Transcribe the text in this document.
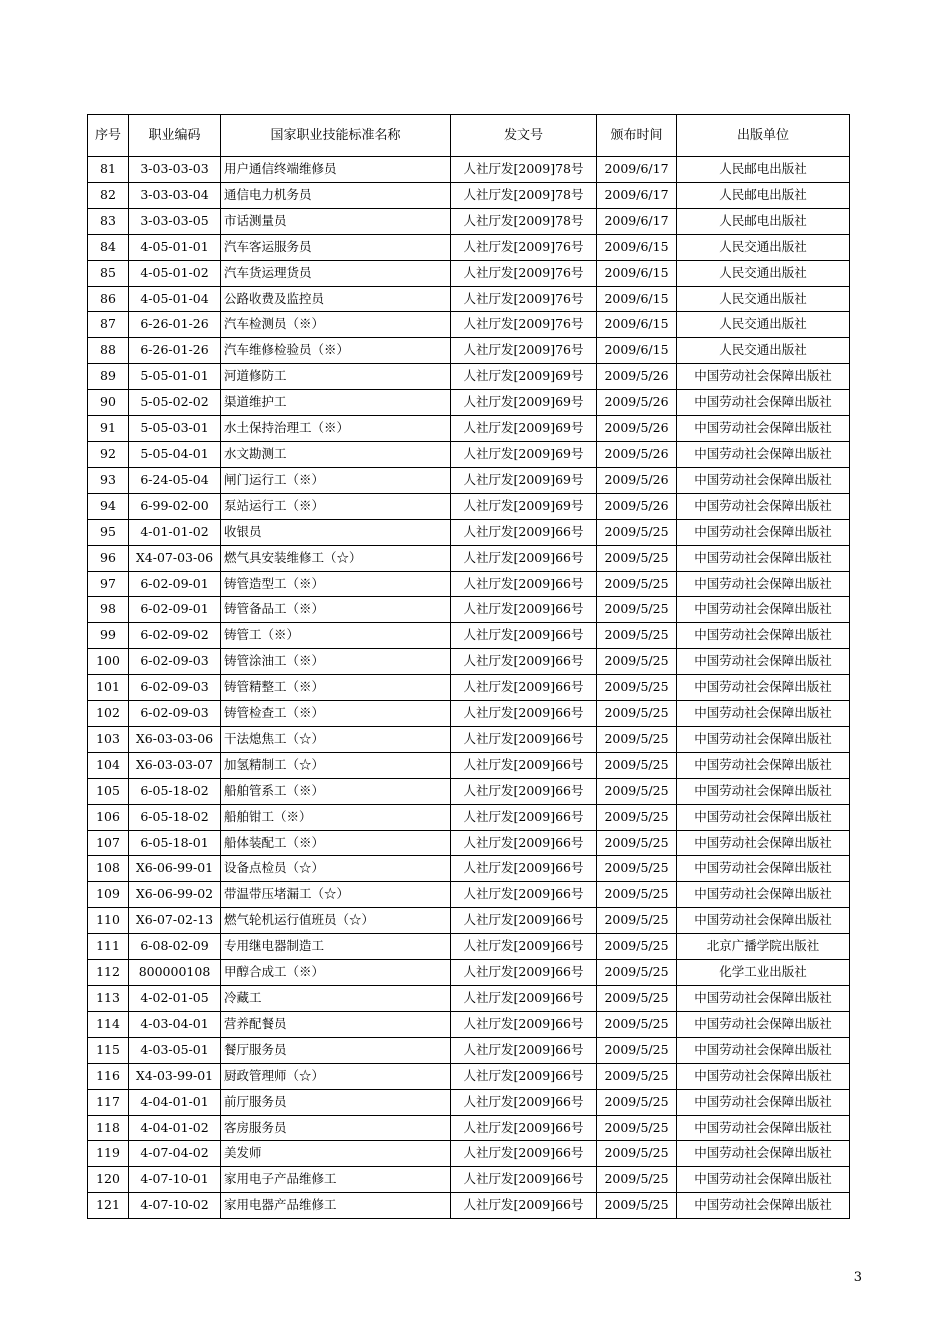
序号	职业编码	国家职业技能标准名称	发文号	颁布时间	出版单位
81	3-03-03-03	用户通信终端维修员	人社厅发[2009]78号	2009/6/17	人民邮电出版社
82	3-03-03-04	通信电力机务员	人社厅发[2009]78号	2009/6/17	人民邮电出版社
83	3-03-03-05	市话测量员	人社厅发[2009]78号	2009/6/17	人民邮电出版社
84	4-05-01-01	汽车客运服务员	人社厅发[2009]76号	2009/6/15	人民交通出版社
85	4-05-01-02	汽车货运理货员	人社厅发[2009]76号	2009/6/15	人民交通出版社
86	4-05-01-04	公路收费及监控员	人社厅发[2009]76号	2009/6/15	人民交通出版社
87	6-26-01-26	汽车检测员（※）	人社厅发[2009]76号	2009/6/15	人民交通出版社
88	6-26-01-26	汽车维修检验员（※）	人社厅发[2009]76号	2009/6/15	人民交通出版社
89	5-05-01-01	河道修防工	人社厅发[2009]69号	2009/5/26	中国劳动社会保障出版社
90	5-05-02-02	渠道维护工	人社厅发[2009]69号	2009/5/26	中国劳动社会保障出版社
91	5-05-03-01	水土保持治理工（※）	人社厅发[2009]69号	2009/5/26	中国劳动社会保障出版社
92	5-05-04-01	水文勘测工	人社厅发[2009]69号	2009/5/26	中国劳动社会保障出版社
93	6-24-05-04	闸门运行工（※）	人社厅发[2009]69号	2009/5/26	中国劳动社会保障出版社
94	6-99-02-00	泵站运行工（※）	人社厅发[2009]69号	2009/5/26	中国劳动社会保障出版社
95	4-01-01-02	收银员	人社厅发[2009]66号	2009/5/25	中国劳动社会保障出版社
96	X4-07-03-06	燃气具安装维修工（☆）	人社厅发[2009]66号	2009/5/25	中国劳动社会保障出版社
97	6-02-09-01	铸管造型工（※）	人社厅发[2009]66号	2009/5/25	中国劳动社会保障出版社
98	6-02-09-01	铸管备品工（※）	人社厅发[2009]66号	2009/5/25	中国劳动社会保障出版社
99	6-02-09-02	铸管工（※）	人社厅发[2009]66号	2009/5/25	中国劳动社会保障出版社
100	6-02-09-03	铸管涂油工（※）	人社厅发[2009]66号	2009/5/25	中国劳动社会保障出版社
101	6-02-09-03	铸管精整工（※）	人社厅发[2009]66号	2009/5/25	中国劳动社会保障出版社
102	6-02-09-03	铸管检查工（※）	人社厅发[2009]66号	2009/5/25	中国劳动社会保障出版社
103	X6-03-03-06	干法熄焦工（☆）	人社厅发[2009]66号	2009/5/25	中国劳动社会保障出版社
104	X6-03-03-07	加氢精制工（☆）	人社厅发[2009]66号	2009/5/25	中国劳动社会保障出版社
105	6-05-18-02	船舶管系工（※）	人社厅发[2009]66号	2009/5/25	中国劳动社会保障出版社
106	6-05-18-02	船舶钳工（※）	人社厅发[2009]66号	2009/5/25	中国劳动社会保障出版社
107	6-05-18-01	船体装配工（※）	人社厅发[2009]66号	2009/5/25	中国劳动社会保障出版社
108	X6-06-99-01	设备点检员（☆）	人社厅发[2009]66号	2009/5/25	中国劳动社会保障出版社
109	X6-06-99-02	带温带压堵漏工（☆）	人社厅发[2009]66号	2009/5/25	中国劳动社会保障出版社
110	X6-07-02-13	燃气轮机运行值班员（☆）	人社厅发[2009]66号	2009/5/25	中国劳动社会保障出版社
111	6-08-02-09	专用继电器制造工	人社厅发[2009]66号	2009/5/25	北京广播学院出版社
112	800000108	甲醇合成工（※）	人社厅发[2009]66号	2009/5/25	化学工业出版社
113	4-02-01-05	冷藏工	人社厅发[2009]66号	2009/5/25	中国劳动社会保障出版社
114	4-03-04-01	营养配餐员	人社厅发[2009]66号	2009/5/25	中国劳动社会保障出版社
115	4-03-05-01	餐厅服务员	人社厅发[2009]66号	2009/5/25	中国劳动社会保障出版社
116	X4-03-99-01	厨政管理师（☆）	人社厅发[2009]66号	2009/5/25	中国劳动社会保障出版社
117	4-04-01-01	前厅服务员	人社厅发[2009]66号	2009/5/25	中国劳动社会保障出版社
118	4-04-01-02	客房服务员	人社厅发[2009]66号	2009/5/25	中国劳动社会保障出版社
119	4-07-04-02	美发师	人社厅发[2009]66号	2009/5/25	中国劳动社会保障出版社
120	4-07-10-01	家用电子产品维修工	人社厅发[2009]66号	2009/5/25	中国劳动社会保障出版社
121	4-07-10-02	家用电器产品维修工	人社厅发[2009]66号	2009/5/25	中国劳动社会保障出版社
3
